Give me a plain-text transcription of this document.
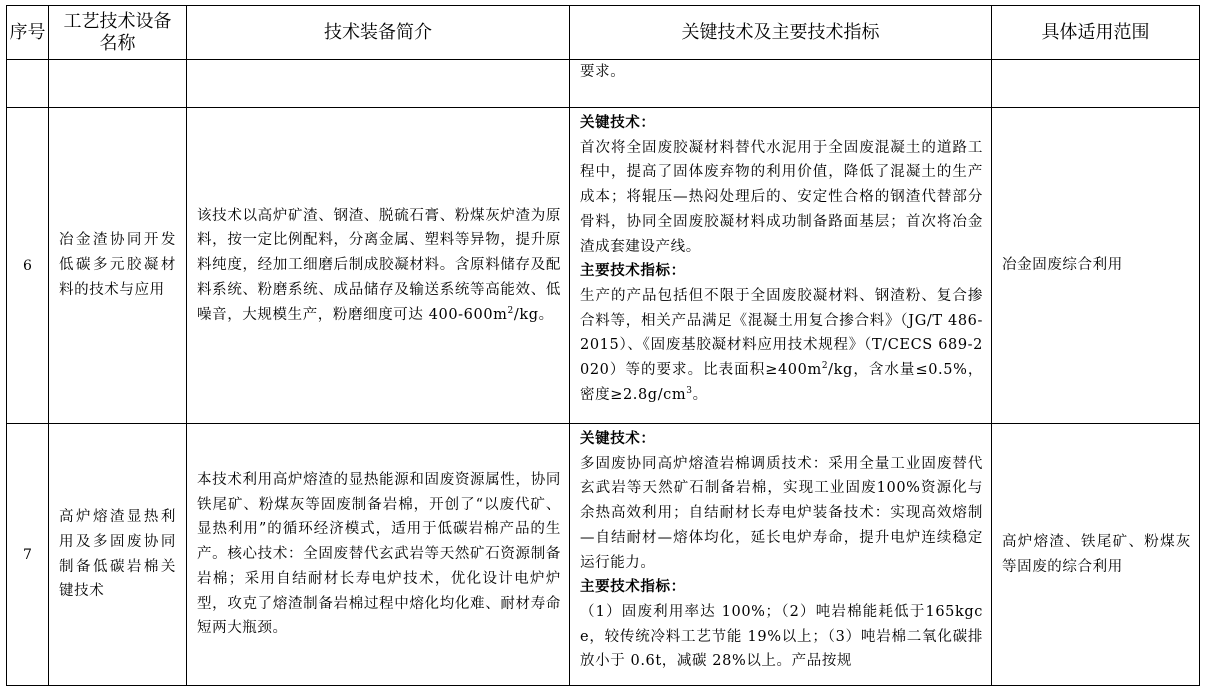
序号	工艺技术设备名称	技术装备简介	关键技术及主要技术指标	具体适用范围

			要求。	

6	冶金渣协同开发低碳多元胶凝材料的技术与应用	该技术以高炉矿渣、钢渣、脱硫石膏、粉煤灰炉渣为原料，按一定比例配料，分离金属、塑料等异物，提升原料纯度，经加工细磨后制成胶凝材料。含原料储存及配料系统、粉磨系统、成品储存及输送系统等高能效、低噪音，大规模生产，粉磨细度可达 $400-600m^2/kg$。	关键技术：
首次将全固废胶凝材料替代水泥用于全固废混凝土的道路工程中，提高了固体废弃物的利用价值，降低了混凝土的生产成本；将辊压—热闷处理后的、安定性合格的钢渣代替部分骨料，协同全固废胶凝材料成功制备路面基层；首次将冶金渣成套建设产线。
主要技术指标：
生产的产品包括但不限于全固废胶凝材料、钢渣粉、复合掺合料等，相关产品满足《混凝土用复合掺合料》（JG/T 486-2015）、《固废基胶凝材料应用技术规程》（T/CECS 689-2020）等的要求。比表面积$\ge 400m^2/kg$，含水量≤0.5%，密度$\ge 2.8g/cm^3$。	冶金固废综合利用
7	高炉熔渣显热利用及多固废协同制备低碳岩棉关键技术	本技术利用高炉熔渣的显热能源和固废资源属性，协同铁尾矿、粉煤灰等固废制备岩棉，开创了“以废代矿、显热利用”的循环经济模式，适用于低碳岩棉产品的生产。核心技术：全固废替代玄武岩等天然矿石资源制备岩棉；采用自结耐材长寿电炉技术，优化设计电炉炉型，攻克了熔渣制备岩棉过程中熔化均化难、耐材寿命短两大瓶颈。	关键技术：
多固废协同高炉熔渣岩棉调质技术：采用全量工业固废替代玄武岩等天然矿石制备岩棉，实现工业固废100%资源化与余热高效利用；自结耐材长寿电炉装备技术：实现高效熔制—自结耐材—熔体均化，延长电炉寿命，提升电炉连续稳定运行能力。
主要技术指标：
（1）固废利用率达 100%；（2）吨岩棉能耗低于165kgce，较传统冷料工艺节能 19%以上；（3）吨岩棉二氧化碳排放小于 0.6t，减碳 28%以上。产品按规	高炉熔渣、铁尾矿、粉煤灰等固废的综合利用
